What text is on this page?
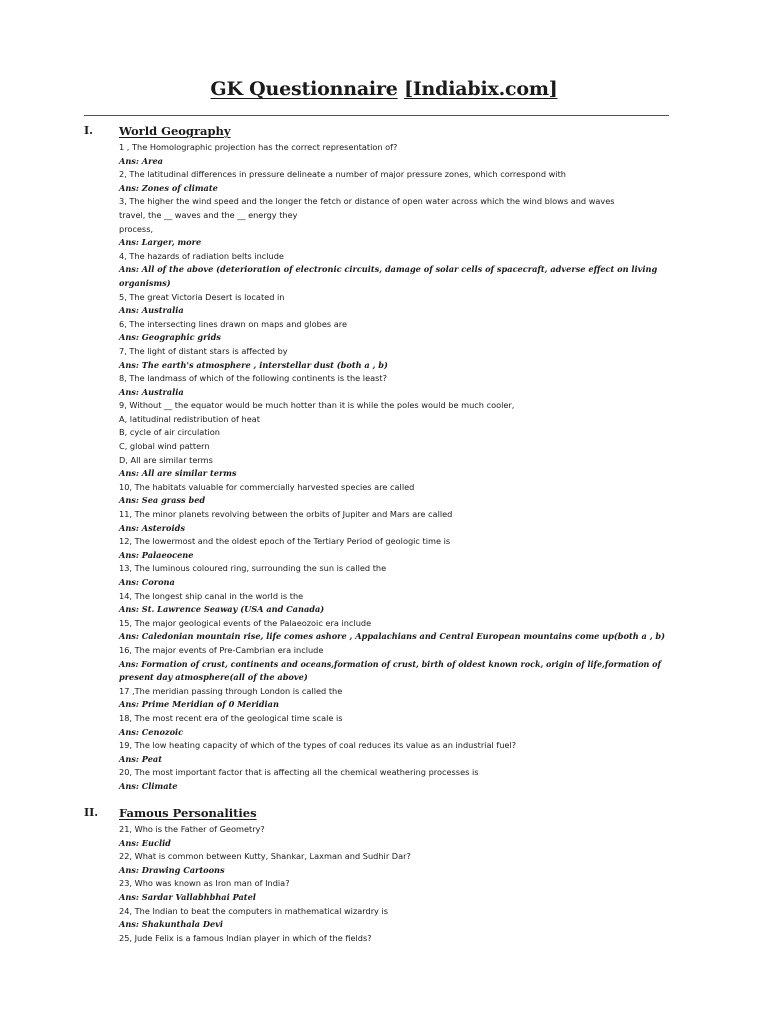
GK Questionnaire [Indiabix.com]
I. World Geography
1 , The Homolographic projection has the correct representation of?
Ans: Area
2, The latitudinal differences in pressure delineate a number of major pressure zones, which correspond with
Ans: Zones of climate
3, The higher the wind speed and the longer the fetch or distance of open water across which the wind blows and waves
travel, the __ waves and the __ energy they
process,
Ans: Larger, more
4, The hazards of radiation belts include
Ans: All of the above (deterioration of electronic circuits, damage of solar cells of spacecraft, adverse effect on living
organisms)
5, The great Victoria Desert is located in
Ans: Australia
6, The intersecting lines drawn on maps and globes are
Ans: Geographic grids
7, The light of distant stars is affected by
Ans: The earth's atmosphere , interstellar dust (both a , b)
8, The landmass of which of the following continents is the least?
Ans: Australia
9, Without __ the equator would be much hotter than it is while the poles would be much cooler,
A, latitudinal redistribution of heat
B, cycle of air circulation
C, global wind pattern
D, All are similar terms
Ans: All are similar terms
10, The habitats valuable for commercially harvested species are called
Ans: Sea grass bed
11, The minor planets revolving between the orbits of Jupiter and Mars are called
Ans: Asteroids
12, The lowermost and the oldest epoch of the Tertiary Period of geologic time is
Ans: Palaeocene
13, The luminous coloured ring, surrounding the sun is called the
Ans: Corona
14, The longest ship canal in the world is the
Ans: St. Lawrence Seaway (USA and Canada)
15, The major geological events of the Palaeozoic era include
Ans: Caledonian mountain rise, life comes ashore , Appalachians and Central European mountains come up(both a , b)
16, The major events of Pre-Cambrian era include
Ans: Formation of crust, continents and oceans,formation of crust, birth of oldest known rock, origin of life,formation of
present day atmosphere(all of the above)
17 ,The meridian passing through London is called the
Ans: Prime Meridian of 0 Meridian
18, The most recent era of the geological time scale is
Ans: Cenozoic
19, The low heating capacity of which of the types of coal reduces its value as an industrial fuel?
Ans: Peat
20, The most important factor that is affecting all the chemical weathering processes is
Ans: Climate
II. Famous Personalities
21, Who is the Father of Geometry?
Ans: Euclid
22, What is common between Kutty, Shankar, Laxman and Sudhir Dar?
Ans: Drawing Cartoons
23, Who was known as Iron man of India?
Ans: Sardar Vallabhbhai Patel
24, The Indian to beat the computers in mathematical wizardry is
Ans: Shakunthala Devi
25, Jude Felix is a famous Indian player in which of the fields?
